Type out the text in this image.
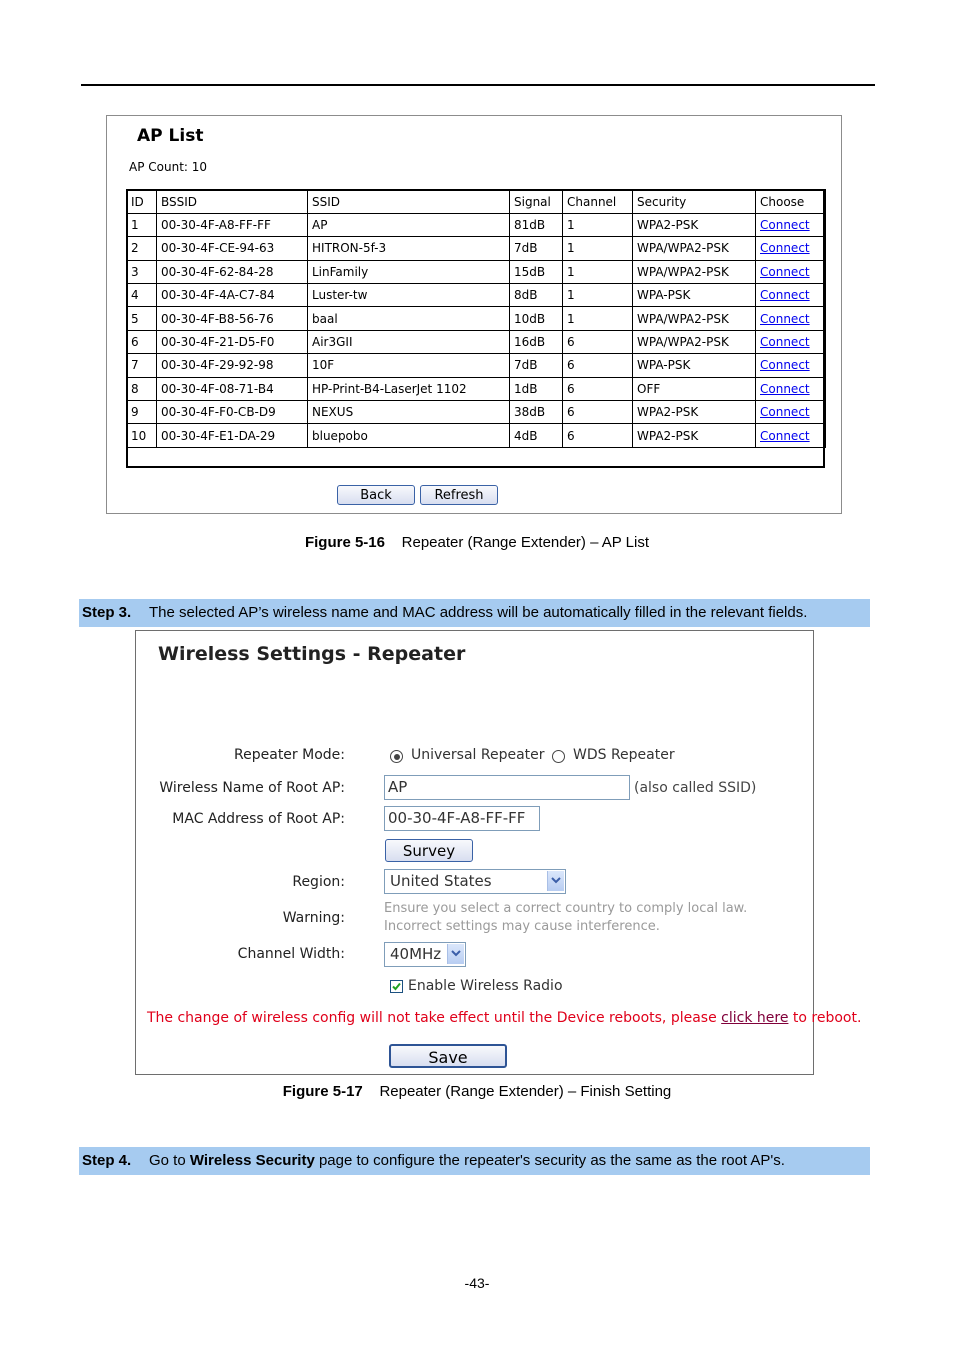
AP List
AP Count: 10
ID	BSSID	SSID	Signal	Channel	Security	Choose
1	00-30-4F-A8-FF-FF	AP	81dB	1	WPA2-PSK	Connect
2	00-30-4F-CE-94-63	HITRON-5f-3	7dB	1	WPA/WPA2-PSK	Connect
3	00-30-4F-62-84-28	LinFamily	15dB	1	WPA/WPA2-PSK	Connect
4	00-30-4F-4A-C7-84	Luster-tw	8dB	1	WPA-PSK	Connect
5	00-30-4F-B8-56-76	baal	10dB	1	WPA/WPA2-PSK	Connect
6	00-30-4F-21-D5-F0	Air3GII	16dB	6	WPA/WPA2-PSK	Connect
7	00-30-4F-29-92-98	10F	7dB	6	WPA-PSK	Connect
8	00-30-4F-08-71-B4	HP-Print-B4-LaserJet 1102	1dB	6	OFF	Connect
9	00-30-4F-F0-CB-D9	NEXUS	38dB	6	WPA2-PSK	Connect
10	00-30-4F-E1-DA-29	bluepobo	4dB	6	WPA2-PSK	Connect
Back	Refresh
Figure 5-16 Repeater (Range Extender) – AP List
Step 3. The selected AP’s wireless name and MAC address will be automatically filled in the relevant fields.
Wireless Settings - Repeater
Repeater Mode:	Universal Repeater WDS Repeater
Wireless Name of Root AP:	AP	(also called SSID)
MAC Address of Root AP:	00-30-4F-A8-FF-FF
Survey
Region:	United States
Warning:
Ensure you select a correct country to comply local law.
Incorrect settings may cause interference.
Channel Width:	40MHz
Enable Wireless Radio
The change of wireless config will not take effect until the Device reboots, please click here to reboot.
Save
Figure 5-17 Repeater (Range Extender) – Finish Setting
Step 4. Go to Wireless Security page to configure the repeater's security as the same as the root AP's.
-43-
